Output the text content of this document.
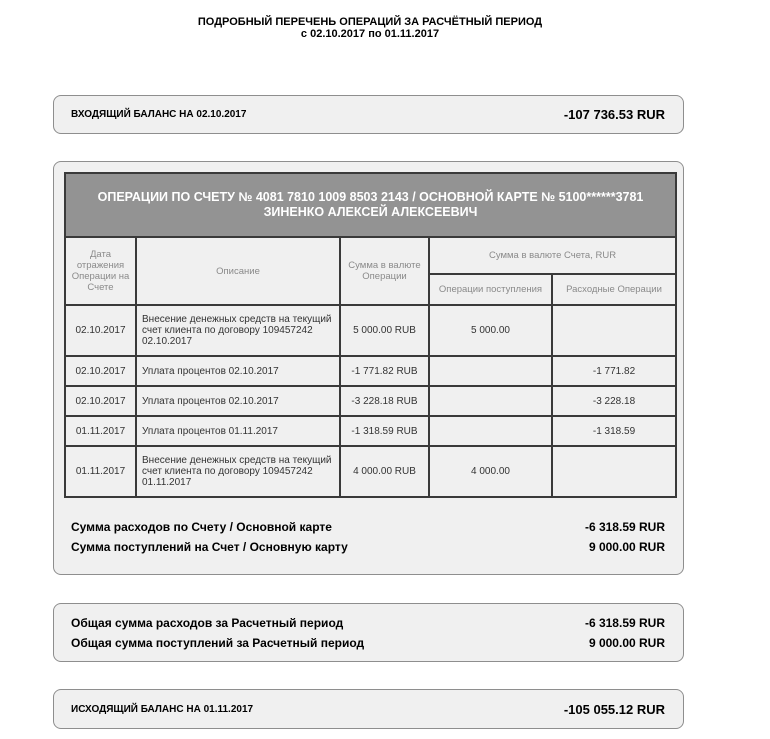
ПОДРОБНЫЙ ПЕРЕЧЕНЬ ОПЕРАЦИЙ ЗА РАСЧЁТНЫЙ ПЕРИОД
с 02.10.2017 по 01.11.2017
ВХОДЯЩИЙ БАЛАНС НА 02.10.2017	-107 736.53 RUR
ОПЕРАЦИИ ПО СЧЕТУ № 4081 7810 1009 8503 2143 / ОСНОВНОЙ КАРТЕ № 5100******3781
ЗИНЕНКО АЛЕКСЕЙ АЛЕКСЕЕВИЧ				

Дата отражения Операции на Счете	Описание	Сумма в валюте Операции	Сумма в валюте Счета, RUR	
			Операции поступления	Расходные Операции
02.10.2017	Внесение денежных средств на текущий счет клиента по договору 109457242 02.10.2017	5 000.00 RUB	5 000.00	
02.10.2017	Уплата процентов 02.10.2017	-1 771.82 RUB		-1 771.82
02.10.2017	Уплата процентов 02.10.2017	-3 228.18 RUB		-3 228.18
01.11.2017	Уплата процентов 01.11.2017	-1 318.59 RUB		-1 318.59
01.11.2017	Внесение денежных средств на текущий счет клиента по договору 109457242 01.11.2017	4 000.00 RUB	4 000.00	
Сумма расходов по Счету / Основной карте	-6 318.59 RUR
Сумма поступлений на Счет / Основную карту	9 000.00 RUR
Общая сумма расходов за Расчетный период	-6 318.59 RUR
Общая сумма поступлений за Расчетный период	9 000.00 RUR
ИСХОДЯЩИЙ БАЛАНС НА 01.11.2017	-105 055.12 RUR
